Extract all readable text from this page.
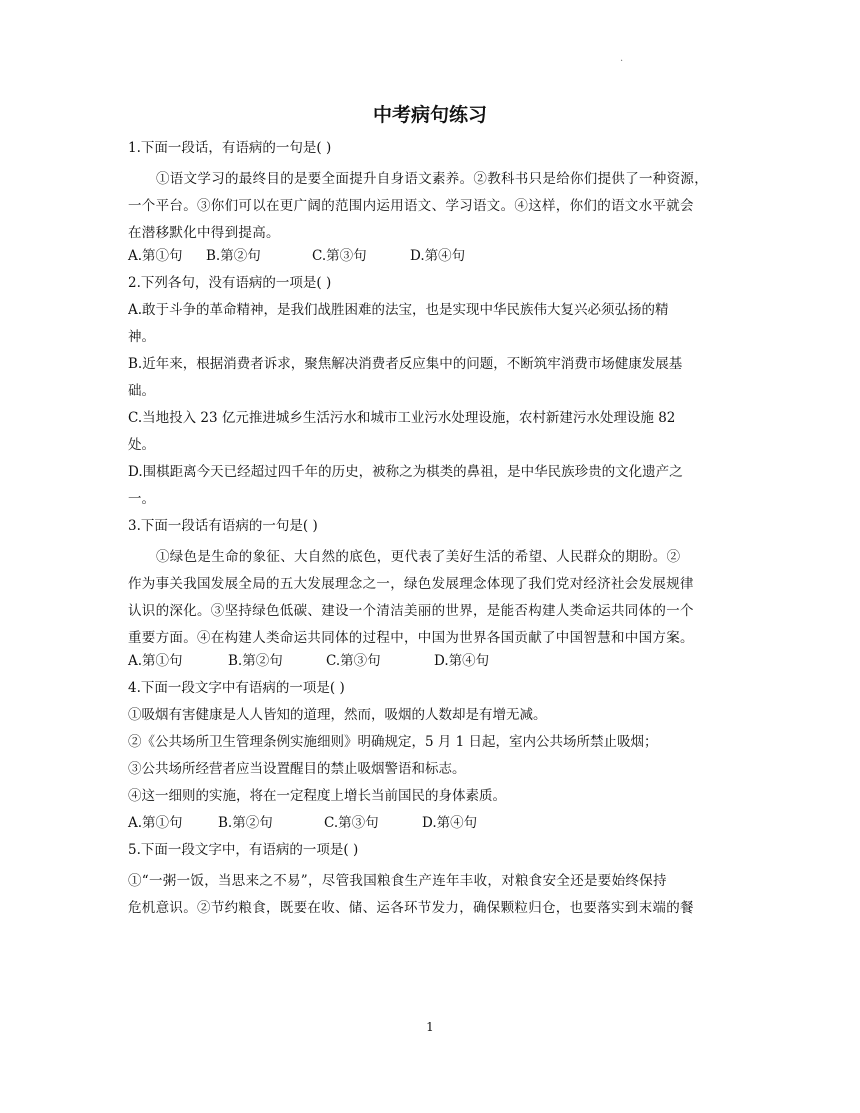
.
中考病句练习
1.下面一段话，有语病的一句是( )
①语文学习的最终目的是要全面提升自身语文素养。②教科书只是给你们提供了一种资源，
一个平台。③你们可以在更广阔的范围内运用语文、学习语文。④这样，你们的语文水平就会
在潜移默化中得到提高。
A.第①句 B.第②句	C.第③句	D.第④句
2.下列各句，没有语病的一项是( )
A.敢于斗争的革命精神，是我们战胜困难的法宝，也是实现中华民族伟大复兴必须弘扬的精
神。
B.近年来，根据消费者诉求，聚焦解决消费者反应集中的问题，不断筑牢消费市场健康发展基
础。
C.当地投入 23 亿元推进城乡生活污水和城市工业污水处理设施，农村新建污水处理设施 82
处。
D.围棋距离今天已经超过四千年的历史，被称之为棋类的鼻祖，是中华民族珍贵的文化遗产之
一。
3.下面一段话有语病的一句是( )
①绿色是生命的象征、大自然的底色，更代表了美好生活的希望、人民群众的期盼。②
作为事关我国发展全局的五大发展理念之一，绿色发展理念体现了我们党对经济社会发展规律
认识的深化。③坚持绿色低碳、建设一个清洁美丽的世界，是能否构建人类命运共同体的一个
重要方面。④在构建人类命运共同体的过程中，中国为世界各国贡献了中国智慧和中国方案。
A.第①句	B.第②句	C.第③句	D.第④句
4.下面一段文字中有语病的一项是( )
①吸烟有害健康是人人皆知的道理，然而，吸烟的人数却是有增无减。
②《公共场所卫生管理条例实施细则》明确规定，5 月 1 日起，室内公共场所禁止吸烟；
③公共场所经营者应当设置醒目的禁止吸烟警语和标志。
④这一细则的实施，将在一定程度上增长当前国民的身体素质。
A.第①句	B.第②句	C.第③句	D.第④句
5.下面一段文字中，有语病的一项是( )
①“一粥一饭，当思来之不易”，尽管我国粮食生产连年丰收，对粮食安全还是要始终保持
危机意识。②节约粮食，既要在收、储、运各环节发力，确保颗粒归仓，也要落实到末端的餐
1
